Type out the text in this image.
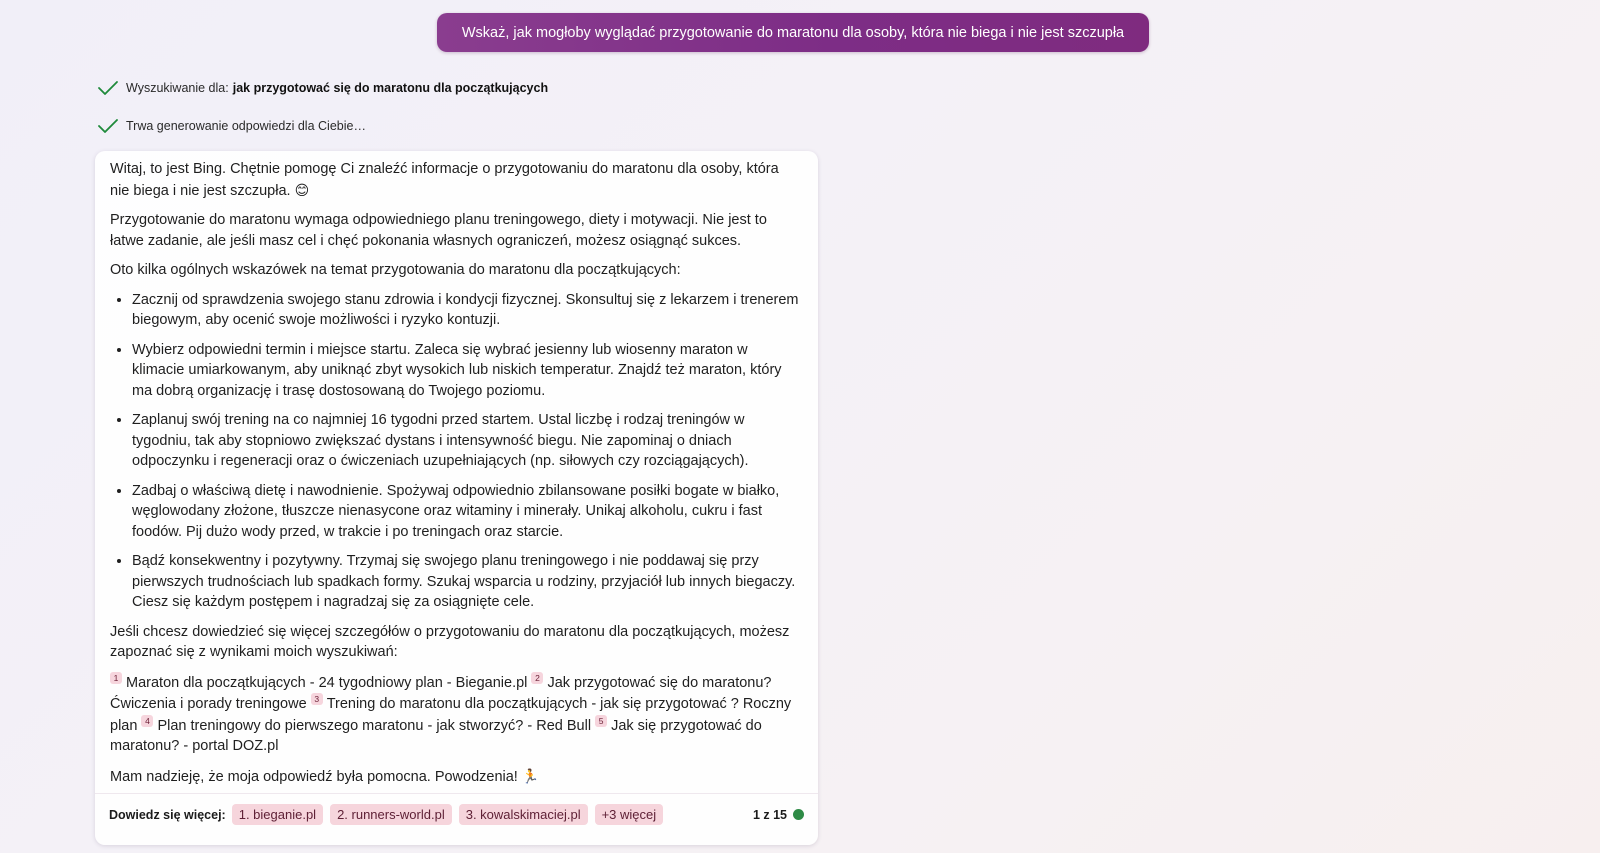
Wskaż, jak mogłoby wyglądać przygotowanie do maratonu dla osoby, która nie biega i nie jest szczupła
Wyszukiwanie dla: jak przygotować się do maratonu dla początkujących
Trwa generowanie odpowiedzi dla Ciebie…

Witaj, to jest Bing. Chętnie pomogę Ci znaleźć informacje o przygotowaniu do maratonu dla osoby, która nie biega i nie jest szczupła. 😊

Przygotowanie do maratonu wymaga odpowiedniego planu treningowego, diety i motywacji. Nie jest to łatwe zadanie, ale jeśli masz cel i chęć pokonania własnych ograniczeń, możesz osiągnąć sukces.

Oto kilka ogólnych wskazówek na temat przygotowania do maratonu dla początkujących:

• Zacznij od sprawdzenia swojego stanu zdrowia i kondycji fizycznej. Skonsultuj się z lekarzem i trenerem biegowym, aby ocenić swoje możliwości i ryzyko kontuzji.
• Wybierz odpowiedni termin i miejsce startu. Zaleca się wybrać jesienny lub wiosenny maraton w klimacie umiarkowanym, aby uniknąć zbyt wysokich lub niskich temperatur. Znajdź też maraton, który ma dobrą organizację i trasę dostosowaną do Twojego poziomu.
• Zaplanuj swój trening na co najmniej 16 tygodni przed startem. Ustal liczbę i rodzaj treningów w tygodniu, tak aby stopniowo zwiększać dystans i intensywność biegu. Nie zapominaj o dniach odpoczynku i regeneracji oraz o ćwiczeniach uzupełniających (np. siłowych czy rozciągających).
• Zadbaj o właściwą dietę i nawodnienie. Spożywaj odpowiednio zbilansowane posiłki bogate w białko, węglowodany złożone, tłuszcze nienasycone oraz witaminy i minerały. Unikaj alkoholu, cukru i fast foodów. Pij dużo wody przed, w trakcie i po treningach oraz starcie.
• Bądź konsekwentny i pozytywny. Trzymaj się swojego planu treningowego i nie poddawaj się przy pierwszych trudnościach lub spadkach formy. Szukaj wsparcia u rodziny, przyjaciół lub innych biegaczy. Ciesz się każdym postępem i nagradzaj się za osiągnięte cele.

Jeśli chcesz dowiedzieć się więcej szczegółów o przygotowaniu do maratonu dla początkujących, możesz zapoznać się z wynikami moich wyszukiwań:

1 Maraton dla początkujących - 24 tygodniowy plan - Bieganie.pl 2 Jak przygotować się do maratonu? Ćwiczenia i porady treningowe 3 Trening do maratonu dla początkujących - jak się przygotować ? Roczny plan 4 Plan treningowy do pierwszego maratonu - jak stworzyć? - Red Bull 5 Jak się przygotować do maratonu? - portal DOZ.pl

Mam nadzieję, że moja odpowiedź była pomocna. Powodzenia! 🏃

Dowiedz się więcej:	1. bieganie.pl	2. runners-world.pl	3. kowalskimaciej.pl	+3 więcej	1 z 15
